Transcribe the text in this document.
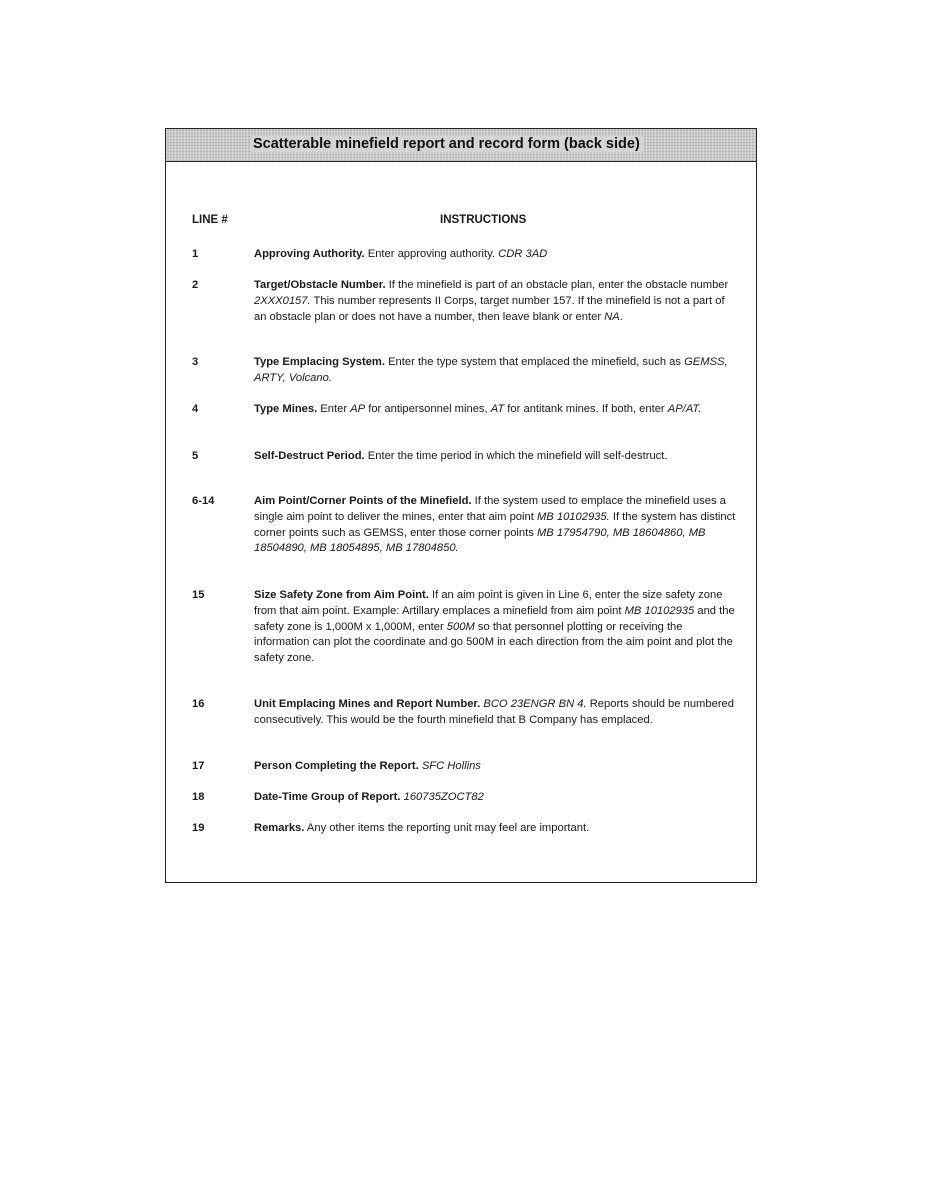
Scatterable minefield report and record form (back side)
LINE #	INSTRUCTIONS
1	Approving Authority. Enter approving authority. CDR 3AD
2	Target/Obstacle Number. If the minefield is part of an obstacle plan, enter the obstacle number 2XXX0157. This number represents II Corps, target number 157. If the minefield is not a part of an obstacle plan or does not have a number, then leave blank or enter NA.
3	Type Emplacing System. Enter the type system that emplaced the minefield, such as GEMSS, ARTY, Volcano.
4	Type Mines. Enter AP for antipersonnel mines, AT for antitank mines. If both, enter AP/AT.
5	Self-Destruct Period. Enter the time period in which the minefield will self-destruct.
6-14	Aim Point/Corner Points of the Minefield. If the system used to emplace the minefield uses a single aim point to deliver the mines, enter that aim point MB 10102935. If the system has distinct corner points such as GEMSS, enter those corner points MB 17954790, MB 18604860, MB 18504890, MB 18054895, MB 17804850.
15	Size Safety Zone from Aim Point. If an aim point is given in Line 6, enter the size safety zone from that aim point. Example: Artillary emplaces a minefield from aim point MB 10102935 and the safety zone is 1,000M x 1,000M, enter 500M so that personnel plotting or receiving the information can plot the coordinate and go 500M in each direction from the aim point and plot the safety zone.
16	Unit Emplacing Mines and Report Number. BCO 23ENGR BN 4. Reports should be numbered consecutively. This would be the fourth minefield that B Company has emplaced.
17	Person Completing the Report. SFC Hollins
18	Date-Time Group of Report. 160735ZOCT82
19	Remarks. Any other items the reporting unit may feel are important.
